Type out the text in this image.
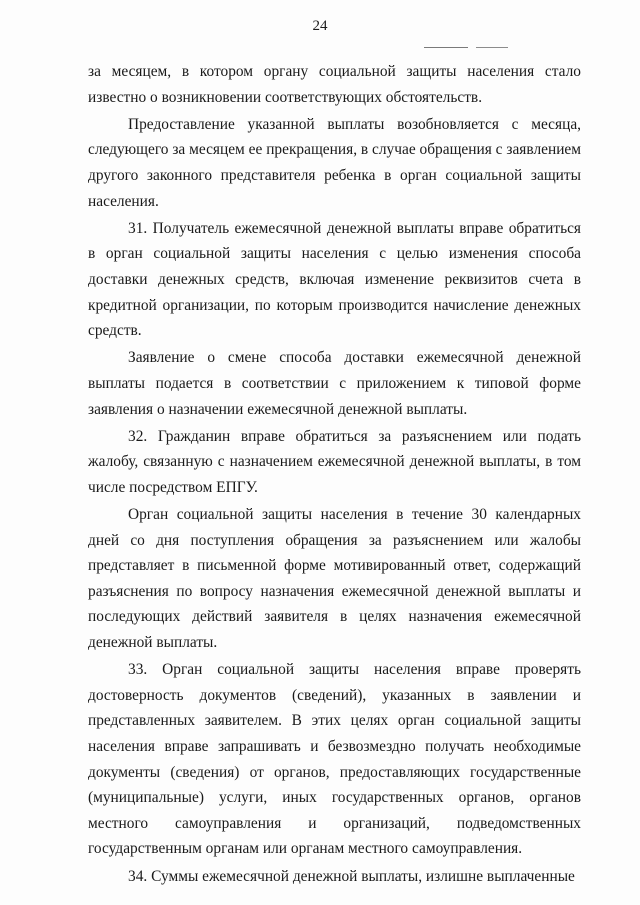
24

за месяцем, в котором органу социальной защиты населения стало известно о возникновении соответствующих обстоятельств.

Предоставление указанной выплаты возобновляется с месяца, следующего за месяцем ее прекращения, в случае обращения с заявлением другого законного представителя ребенка в орган социальной защиты населения.

31. Получатель ежемесячной денежной выплаты вправе обратиться в орган социальной защиты населения с целью изменения способа доставки денежных средств, включая изменение реквизитов счета в кредитной организации, по которым производится начисление денежных средств.

Заявление о смене способа доставки ежемесячной денежной выплаты подается в соответствии с приложением к типовой форме заявления о назначении ежемесячной денежной выплаты.

32. Гражданин вправе обратиться за разъяснением или подать жалобу, связанную с назначением ежемесячной денежной выплаты, в том числе посредством ЕПГУ.

Орган социальной защиты населения в течение 30 календарных дней со дня поступления обращения за разъяснением или жалобы представляет в письменной форме мотивированный ответ, содержащий разъяснения по вопросу назначения ежемесячной денежной выплаты и последующих действий заявителя в целях назначения ежемесячной денежной выплаты.

33. Орган социальной защиты населения вправе проверять достоверность документов (сведений), указанных в заявлении и представленных заявителем. В этих целях орган социальной защиты населения вправе запрашивать и безвозмездно получать необходимые документы (сведения) от органов, предоставляющих государственные (муниципальные) услуги, иных государственных органов, органов местного самоуправления и организаций, подведомственных государственным органам или органам местного самоуправления.

34. Суммы ежемесячной денежной выплаты, излишне выплаченные
